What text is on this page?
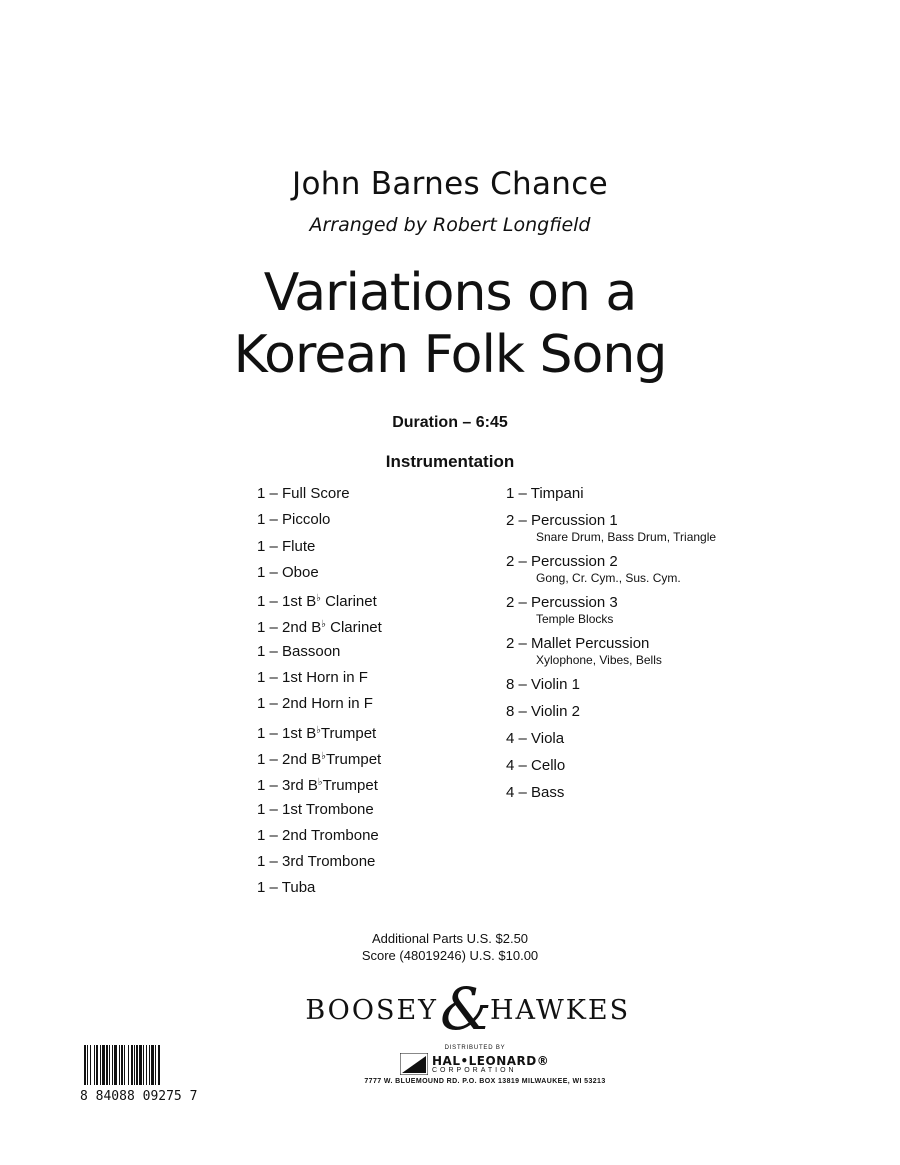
John Barnes Chance
Arranged by Robert Longfield
Variations on a
Korean Folk Song
Duration – 6:45
Instrumentation
1 – Full Score
1 – Piccolo
1 – Flute
1 – Oboe
1 – 1st B♭ Clarinet
1 – 2nd B♭ Clarinet
1 – Bassoon
1 – 1st Horn in F
1 – 2nd Horn in F
1 – 1st B♭Trumpet
1 – 2nd B♭Trumpet
1 – 3rd B♭Trumpet
1 – 1st Trombone
1 – 2nd Trombone
1 – 3rd Trombone
1 – Tuba
1 – Timpani
2 – Percussion 1
Snare Drum, Bass Drum, Triangle
2 – Percussion 2
Gong, Cr. Cym., Sus. Cym.
2 – Percussion 3
Temple Blocks
2 – Mallet Percussion
Xylophone, Vibes, Bells
8 – Violin 1
8 – Violin 2
4 – Viola
4 – Cello
4 – Bass
Additional Parts U.S. $2.50
Score (48019246) U.S. $10.00
BOOSEY &
HAWKES
DISTRIBUTED BY
HAL•LEONARD®
CORPORATION
7777 W. BLUEMOUND RD. P.O. BOX 13819 MILWAUKEE, WI 53213
8 84088 09275 7
